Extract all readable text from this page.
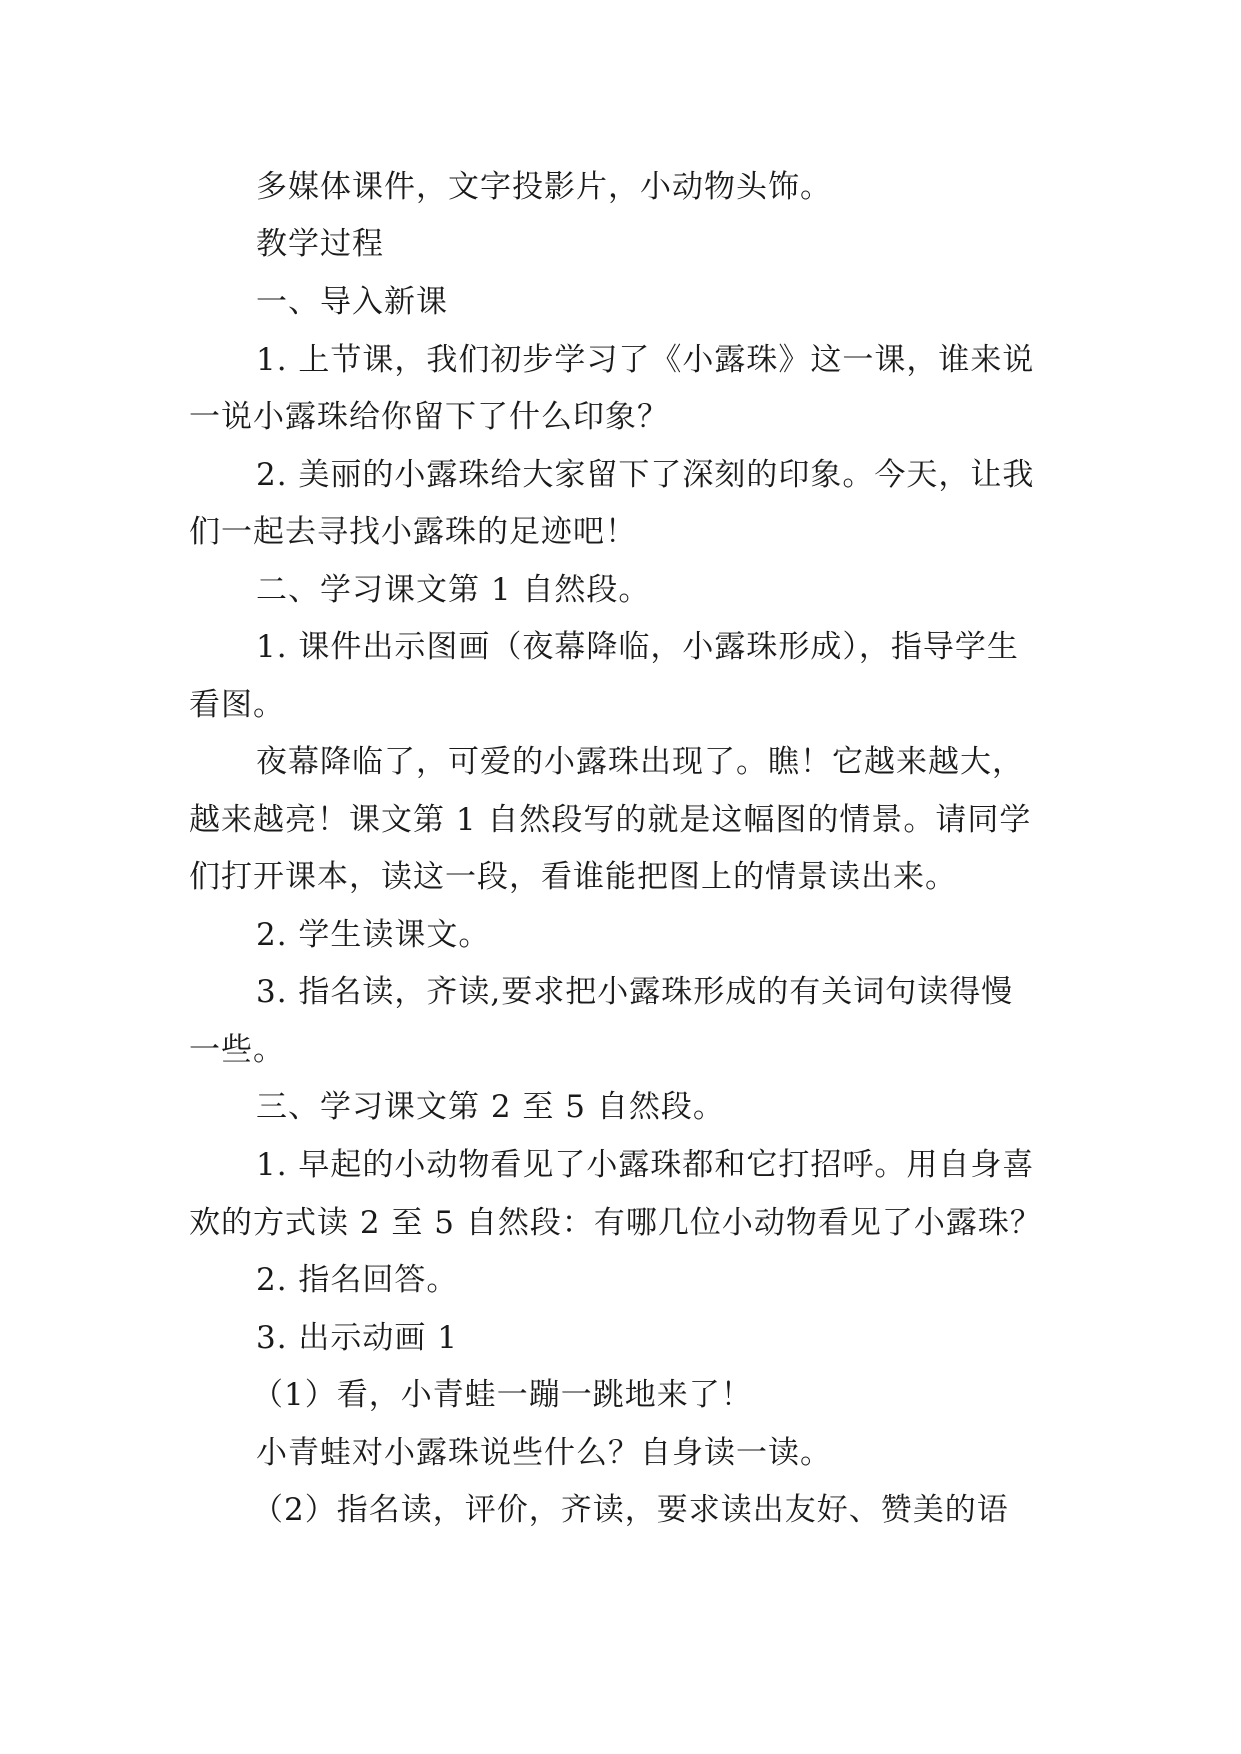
多媒体课件，文字投影片，小动物头饰。
教学过程
一、导入新课
1. 上节课，我们初步学习了《小露珠》这一课，谁来说
一说小露珠给你留下了什么印象？
2. 美丽的小露珠给大家留下了深刻的印象。今天，让我
们一起去寻找小露珠的足迹吧！
二、学习课文第 1 自然段。
1. 课件出示图画（夜幕降临，小露珠形成），指导学生
看图。
夜幕降临了，可爱的小露珠出现了。瞧！它越来越大，
越来越亮！课文第 1 自然段写的就是这幅图的情景。请同学
们打开课本，读这一段，看谁能把图上的情景读出来。
2. 学生读课文。
3. 指名读，齐读,要求把小露珠形成的有关词句读得慢
一些。
三、学习课文第 2 至 5 自然段。
1. 早起的小动物看见了小露珠都和它打招呼。用自身喜
欢的方式读 2 至 5 自然段：有哪几位小动物看见了小露珠？
2. 指名回答。
3. 出示动画 1
（1）看，小青蛙一蹦一跳地来了！
小青蛙对小露珠说些什么？自身读一读。
（2）指名读，评价，齐读，要求读出友好、赞美的语
